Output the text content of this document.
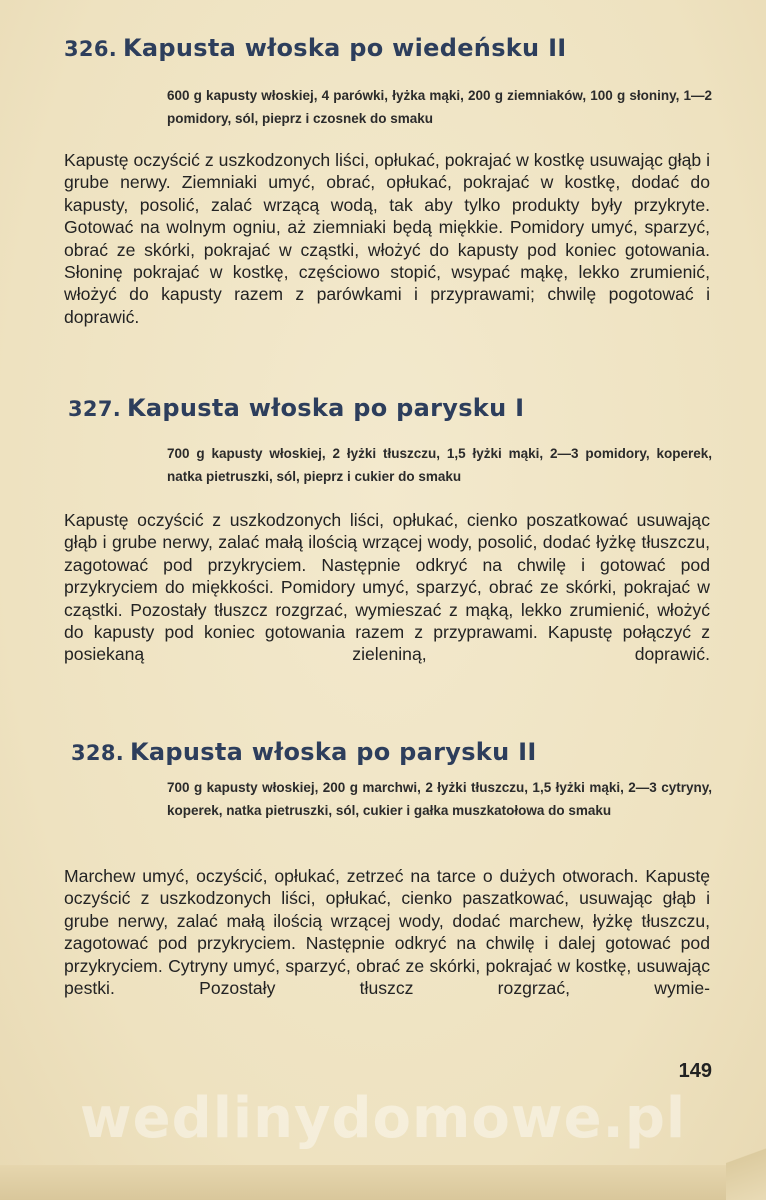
326. Kapusta włoska po wiedeńsku II

600 g kapusty włoskiej, 4 parówki, łyżka mąki, 200 g ziemniaków, 100 g słoniny, 1—2 pomidory, sól, pieprz i czosnek do smaku

Kapustę oczyścić z uszkodzonych liści, opłukać, pokrajać w kostkę usuwając głąb i grube nerwy. Ziemniaki umyć, obrać, opłukać, pokrajać w kostkę, dodać do kapusty, posolić, zalać wrzącą wodą, tak aby tylko produkty były przykryte. Gotować na wolnym ogniu, aż ziemniaki będą miękkie. Pomidory umyć, sparzyć, obrać ze skórki, pokrajać w cząstki, włożyć do kapusty pod koniec gotowania. Słoninę pokrajać w kostkę, częściowo stopić, wsypać mąkę, lekko zrumienić, włożyć do kapusty razem z parówkami i przyprawami; chwilę pogotować i doprawić.

327. Kapusta włoska po parysku I

700 g kapusty włoskiej, 2 łyżki tłuszczu, 1,5 łyżki mąki, 2—3 pomidory, koperek, natka pietruszki, sól, pieprz i cukier do smaku

Kapustę oczyścić z uszkodzonych liści, opłukać, cienko poszatkować usuwając głąb i grube nerwy, zalać małą ilością wrzącej wody, posolić, dodać łyżkę tłuszczu, zagotować pod przykryciem. Następnie odkryć na chwilę i gotować pod przykryciem do miękkości. Pomidory umyć, sparzyć, obrać ze skórki, pokrajać w cząstki. Pozostały tłuszcz rozgrzać, wymieszać z mąką, lekko zrumienić, włożyć do kapusty pod koniec gotowania razem z przyprawami. Kapustę połączyć z posiekaną zieleniną, doprawić.

328. Kapusta włoska po parysku II

700 g kapusty włoskiej, 200 g marchwi, 2 łyżki tłuszczu, 1,5 łyżki mąki, 2—3 cytryny, koperek, natka pietruszki, sól, cukier i gałka muszkatołowa do smaku

Marchew umyć, oczyścić, opłukać, zetrzeć na tarce o dużych otworach. Kapustę oczyścić z uszkodzonych liści, opłukać, cienko paszatkować, usuwając głąb i grube nerwy, zalać małą ilością wrzącej wody, dodać marchew, łyżkę tłuszczu, zagotować pod przykryciem. Następnie odkryć na chwilę i dalej gotować pod przykryciem. Cytryny umyć, sparzyć, obrać ze skórki, pokrajać w kostkę, usuwając pestki. Pozostały tłuszcz rozgrzać, wymie-

149

wedlinydomowe.pl
